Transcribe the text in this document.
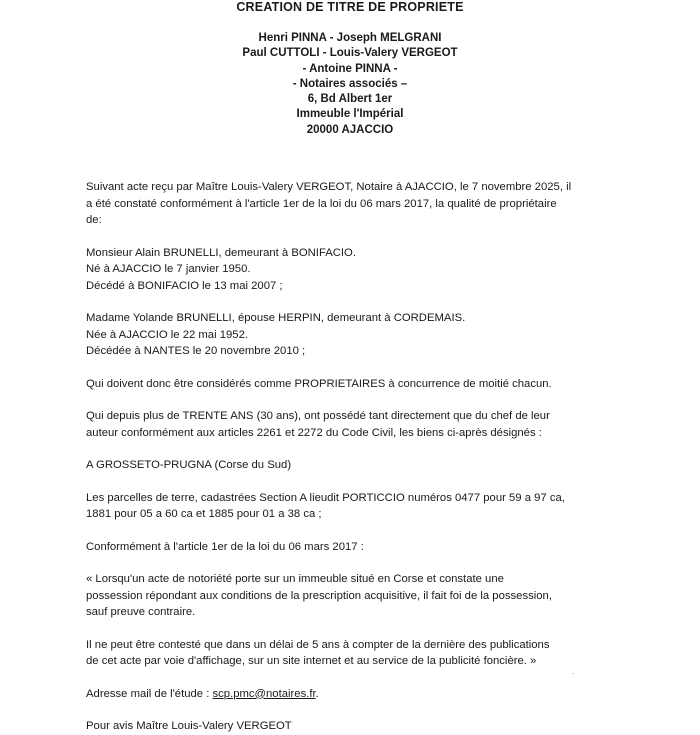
CREATION DE TITRE DE PROPRIETE
Henri PINNA - Joseph MELGRANI
Paul CUTTOLI - Louis-Valery VERGEOT
- Antoine PINNA -
- Notaires associés –
6, Bd Albert 1er
Immeuble l'Impérial
20000 AJACCIO

Suivant acte reçu par Maître Louis-Valery VERGEOT, Notaire à AJACCIO, le 7 novembre 2025, il

a été constaté conformément à l'article 1er de la loi du 06 mars 2017, la qualité de propriétaire

de:

Monsieur Alain BRUNELLI, demeurant à BONIFACIO.

Né à AJACCIO le 7 janvier 1950.

Décédé à BONIFACIO le 13 mai 2007 ;

Madame Yolande BRUNELLI, épouse HERPIN, demeurant à CORDEMAIS.

Née à AJACCIO le 22 mai 1952.

Décédée à NANTES le 20 novembre 2010 ;

Qui doivent donc être considérés comme PROPRIETAIRES à concurrence de moitié chacun.

Qui depuis plus de TRENTE ANS (30 ans), ont possédé tant directement que du chef de leur

auteur conformément aux articles 2261 et 2272 du Code Civil, les biens ci-après désignés :

A GROSSETO-PRUGNA (Corse du Sud)

Les parcelles de terre, cadastrées Section A lieudit PORTICCIO numéros 0477 pour 59 a 97 ca,

1881 pour 05 a 60 ca et 1885 pour 01 a 38 ca ;

Conformément à l'article 1er de la loi du 06 mars 2017 :

« Lorsqu'un acte de notoriété porte sur un immeuble situé en Corse et constate une

possession répondant aux conditions de la prescription acquisitive, il fait foi de la possession,

sauf preuve contraire.

Il ne peut être contesté que dans un délai de 5 ans à compter de la dernière des publications

de cet acte par voie d'affichage, sur un site internet et au service de la publicité foncière. »

Adresse mail de l'étude : scp.pmc@notaires.fr.

Pour avis Maître Louis-Valery VERGEOT

.
